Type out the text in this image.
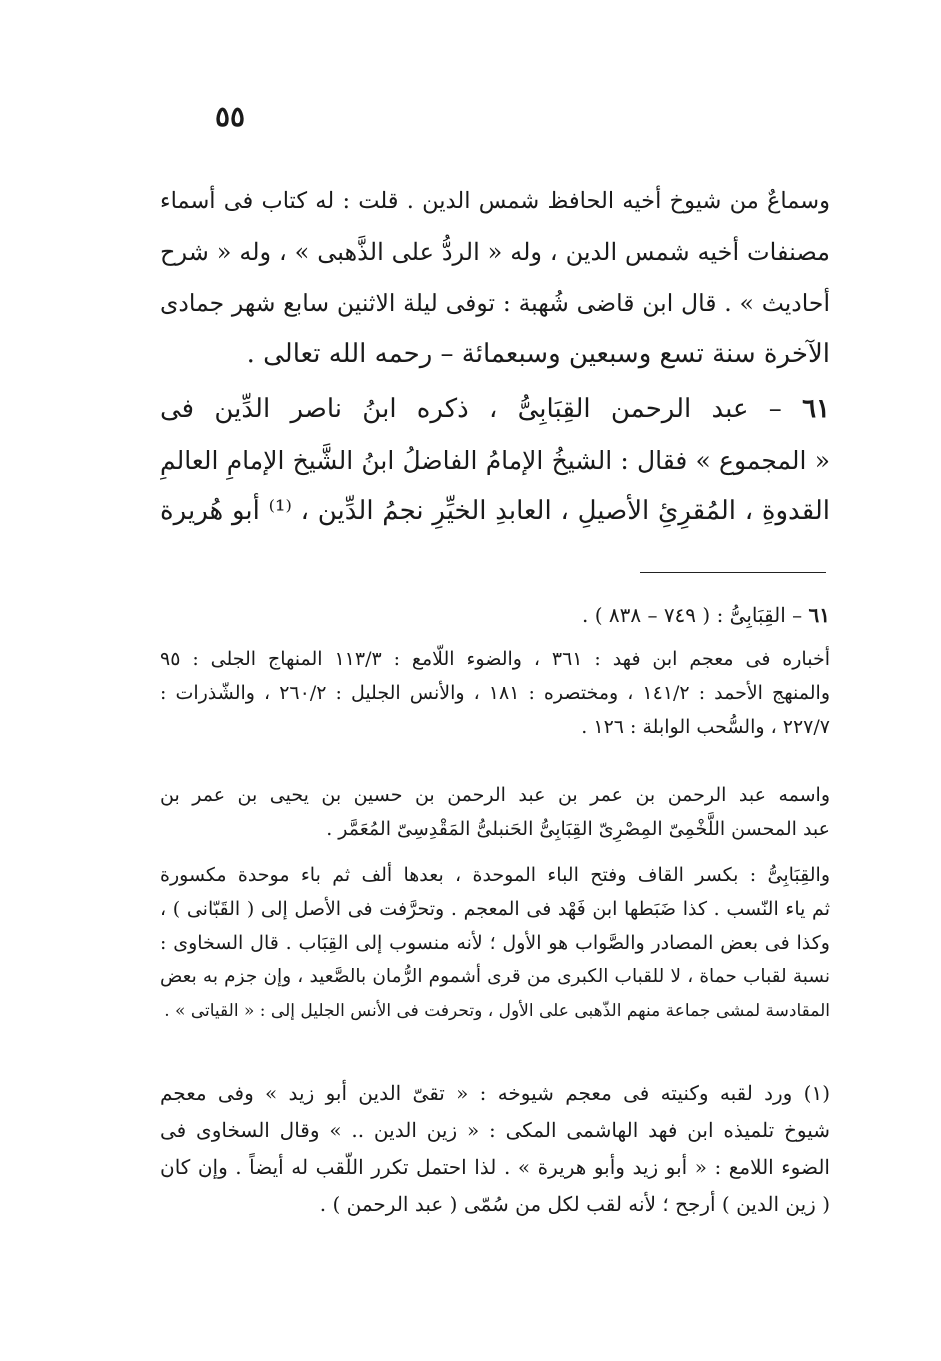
٥٥
وسماعٌ من شيوخ أخيه الحافظ شمس الدين . قلت : له كتاب فى أسماء
مصنفات أخيه شمس الدين ، وله « الردُّ على الذَّهبى » ، وله « شرح
أحاديث » . قال ابن قاضى شُهبة : توفى ليلة الاثنين سابع شهر جمادى
الآخرة سنة تسع وسبعين وسبعمائة – رحمه الله تعالى .
٦١ – عبد الرحمن القِبَابِىُّ ، ذكره ابنُ ناصر الدِّين فى
« المجموع » فقال : الشيخُ الإمامُ الفاضلُ ابنُ الشَّيخ الإمامِ العالمِ
القدوةِ ، المُقرِئِ الأصيلِ ، العابدِ الخيِّرِ نجمُ الدِّين ، ⁽¹⁾ أبو هُريرة
٦١ – القِبَابِىُّ : ( ٧٤٩ – ٨٣٨ ) .
أخباره فى معجم ابن فهد : ٣٦١ ، والضوء اللّامع : ١١٣/٣ المنهاج الجلى : ٩٥
والمنهج الأحمد : ١٤١/٢ ، ومختصره : ١٨١ ، والأنس الجليل : ٢٦٠/٢ ، والشّذرات :
٢٢٧/٧ ، والسُّحب الوابلة : ١٢٦ .
واسمه عبد الرحمن بن عمر بن عبد الرحمن بن حسين بن يحيى بن عمر بن
عبد المحسن اللَّخْمِىّ المِصْرِىّ القِبَابِىُّ الحَنبلىُّ المَقْدِسِىّ المُعَمَّر .
والقِبَابِىُّ : بكسر القاف وفتح الباء الموحدة ، بعدها ألف ثم باء موحدة مكسورة
ثم ياء النّسب . كذا ضَبَطها ابن فَهْد فى المعجم . وتحرَّفت فى الأصل إلى ( القَبّانى ) ،
وكذا فى بعض المصادر والصَّواب هو الأول ؛ لأنه منسوب إلى القِبَاب . قال السخاوى :
نسبة لقباب حماة ، لا للقباب الكبرى من قرى أشموم الرُّمان بالصَّعيد ، وإن جزم به بعض
المقادسة لمشى جماعة منهم الذّهبى على الأول ، وتحرفت فى الأنس الجليل إلى : « القياتى » .
(١) ورد لقبه وكنيته فى معجم شيوخه : « تقىّ الدين أبو زيد » وفى معجم
شيوخ تلميذه ابن فهد الهاشمى المكى : « زين الدين .. » وقال السخاوى فى
الضوء اللامع : « أبو زيد وأبو هريرة » . لذا احتمل تكرر اللّقب له أيضاً . وإن كان
( زين الدين ) أرجح ؛ لأنه لقب لكل من سُمّى ( عبد الرحمن ) .
